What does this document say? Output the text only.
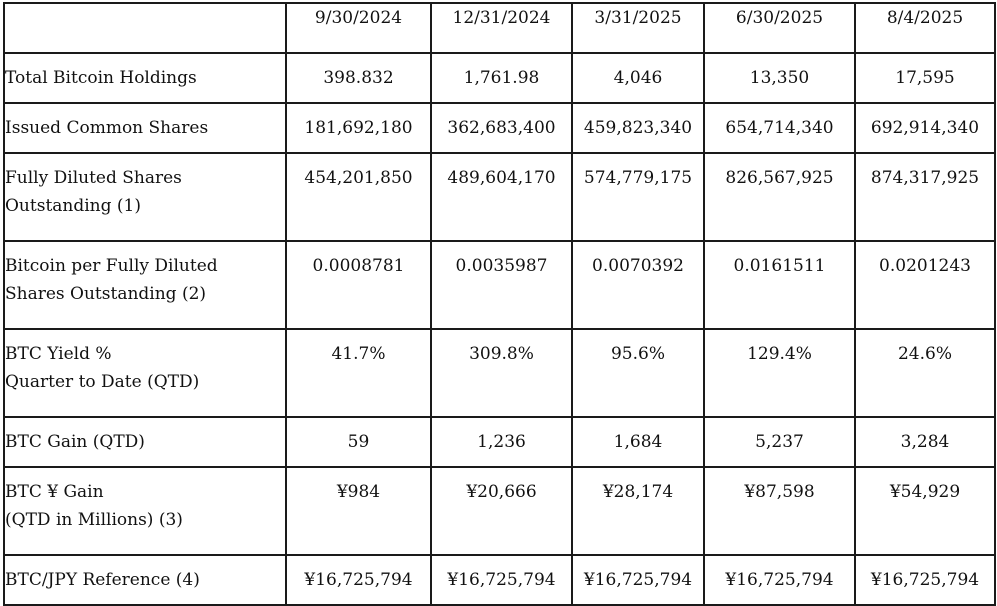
	9/30/2024	12/31/2024	3/31/2025	6/30/2025	8/4/2025

Total Bitcoin Holdings	398.832	1,761.98	4,046	13,350	17,595

Issued Common Shares	181,692,180	362,683,400	459,823,340	654,714,340	692,914,340

Fully Diluted Shares
Outstanding (1)	454,201,850	489,604,170	574,779,175	826,567,925	874,317,925

Bitcoin per Fully Diluted
Shares Outstanding (2)	0.0008781	0.0035987	0.0070392	0.0161511	0.0201243

BTC Yield %
Quarter to Date (QTD)	41.7%	309.8%	95.6%	129.4%	24.6%

BTC Gain (QTD)	59	1,236	1,684	5,237	3,284

BTC ¥ Gain
(QTD in Millions) (3)	¥984	¥20,666	¥28,174	¥87,598	¥54,929

BTC/JPY Reference (4)	¥16,725,794	¥16,725,794	¥16,725,794	¥16,725,794	¥16,725,794
